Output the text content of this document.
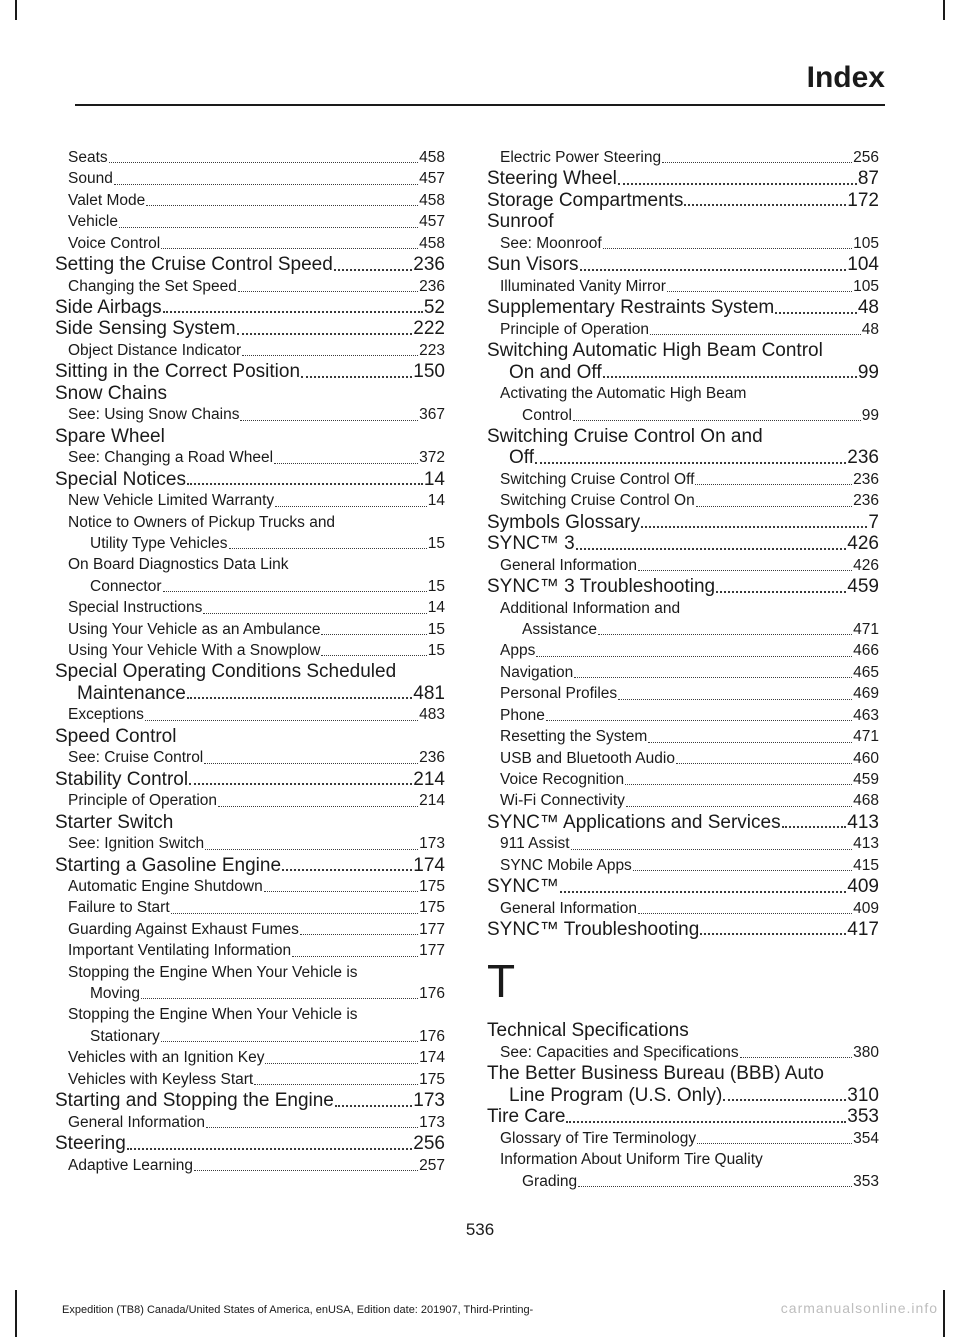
Index
Seats	458
Sound	457
Valet Mode	458
Vehicle	457
Voice Control	458
Setting the Cruise Control Speed	236
Changing the Set Speed	236
Side Airbags	52
Side Sensing System	222
Object Distance Indicator	223
Sitting in the Correct Position	150
Snow Chains
See: Using Snow Chains	367
Spare Wheel
See: Changing a Road Wheel	372
Special Notices	14
New Vehicle Limited Warranty	14
Notice to Owners of Pickup Trucks and
Utility Type Vehicles	15
On Board Diagnostics Data Link
Connector	15
Special Instructions	14
Using Your Vehicle as an Ambulance	15
Using Your Vehicle With a Snowplow	15
Special Operating Conditions Scheduled
Maintenance	481
Exceptions	483
Speed Control
See: Cruise Control	236
Stability Control	214
Principle of Operation	214
Starter Switch
See: Ignition Switch	173
Starting a Gasoline Engine	174
Automatic Engine Shutdown	175
Failure to Start	175
Guarding Against Exhaust Fumes	177
Important Ventilating Information	177
Stopping the Engine When Your Vehicle is
Moving	176
Stopping the Engine When Your Vehicle is
Stationary	176
Vehicles with an Ignition Key	174
Vehicles with Keyless Start	175
Starting and Stopping the Engine	173
General Information	173
Steering	256
Adaptive Learning	257
Electric Power Steering	256
Steering Wheel	87
Storage Compartments	172
Sunroof
See: Moonroof	105
Sun Visors	104
Illuminated Vanity Mirror	105
Supplementary Restraints System	48
Principle of Operation	48
Switching Automatic High Beam Control
On and Off	99
Activating the Automatic High Beam
Control	99
Switching Cruise Control On and
Off	236
Switching Cruise Control Off	236
Switching Cruise Control On	236
Symbols Glossary	7
SYNC™ 3	426
General Information	426
SYNC™ 3 Troubleshooting	459
Additional Information and
Assistance	471
Apps	466
Navigation	465
Personal Profiles	469
Phone	463
Resetting the System	471
USB and Bluetooth Audio	460
Voice Recognition	459
Wi-Fi Connectivity	468
SYNC™ Applications and Services	413
911 Assist	413
SYNC Mobile Apps	415
SYNC™	409
General Information	409
SYNC™ Troubleshooting	417
T
Technical Specifications
See: Capacities and Specifications	380
The Better Business Bureau (BBB) Auto
Line Program (U.S. Only)	310
Tire Care	353
Glossary of Tire Terminology	354
Information About Uniform Tire Quality
Grading	353
536
Expedition (TB8) Canada/United States of America, enUSA, Edition date: 201907, Third-Printing-	carmanualsonline.info
